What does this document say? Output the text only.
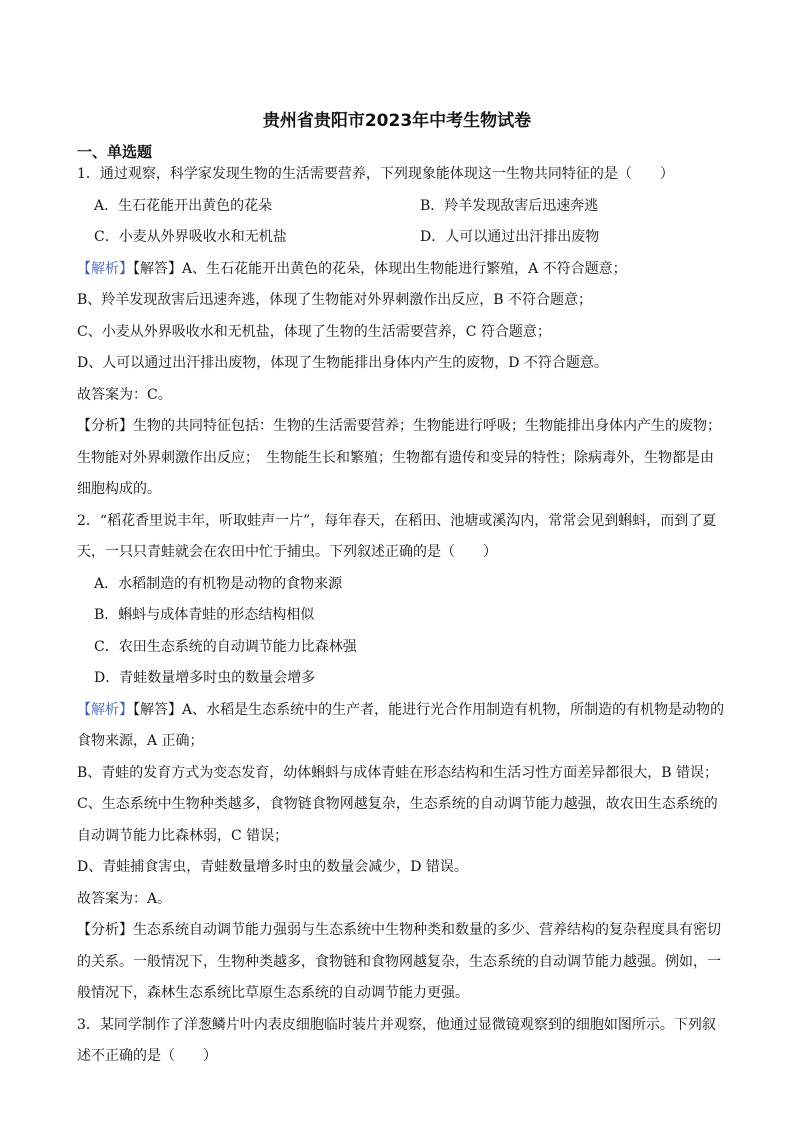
贵州省贵阳市2023年中考生物试卷
一、单选题
1．通过观察，科学家发现生物的生活需要营养，下列现象能体现这一生物共同特征的是（　　）
A．生石花能开出黄色的花朵	B．羚羊发现敌害后迅速奔逃
C．小麦从外界吸收水和无机盐	D．人可以通过出汗排出废物
【解析】【解答】A、生石花能开出黄色的花朵，体现出生物能进行繁殖，A 不符合题意；
B、羚羊发现敌害后迅速奔逃，体现了生物能对外界刺激作出反应，B 不符合题意；
C、小麦从外界吸收水和无机盐，体现了生物的生活需要营养，C 符合题意；
D、人可以通过出汗排出废物，体现了生物能排出身体内产生的废物，D 不符合题意。
故答案为：C。
【分析】生物的共同特征包括：生物的生活需要营养；生物能进行呼吸；生物能排出身体内产生的废物；
生物能对外界刺激作出反应；　生物能生长和繁殖；生物都有遗传和变异的特性；除病毒外，生物都是由
细胞构成的。
2．“稻花香里说丰年，听取蛙声一片”，每年春天，在稻田、池塘或溪沟内，常常会见到蝌蚪，而到了夏
天，一只只青蛙就会在农田中忙于捕虫。下列叙述正确的是（　　）
A．水稻制造的有机物是动物的食物来源
B．蝌蚪与成体青蛙的形态结构相似
C．农田生态系统的自动调节能力比森林强
D．青蛙数量增多时虫的数量会增多
【解析】【解答】A、水稻是生态系统中的生产者，能进行光合作用制造有机物，所制造的有机物是动物的
食物来源，A 正确；
B、青蛙的发育方式为变态发育，幼体蝌蚪与成体青蛙在形态结构和生活习性方面差异都很大，B 错误；
C、生态系统中生物种类越多，食物链食物网越复杂，生态系统的自动调节能力越强，故农田生态系统的
自动调节能力比森林弱，C 错误；
D、青蛙捕食害虫，青蛙数量增多时虫的数量会减少，D 错误。
故答案为：A。
【分析】生态系统自动调节能力强弱与生态系统中生物种类和数量的多少、营养结构的复杂程度具有密切
的关系。一般情况下，生物种类越多，食物链和食物网越复杂，生态系统的自动调节能力越强。例如，一
般情况下，森林生态系统比草原生态系统的自动调节能力更强。
3．某同学制作了洋葱鳞片叶内表皮细胞临时装片并观察，他通过显微镜观察到的细胞如图所示。下列叙
述不正确的是（　　）
